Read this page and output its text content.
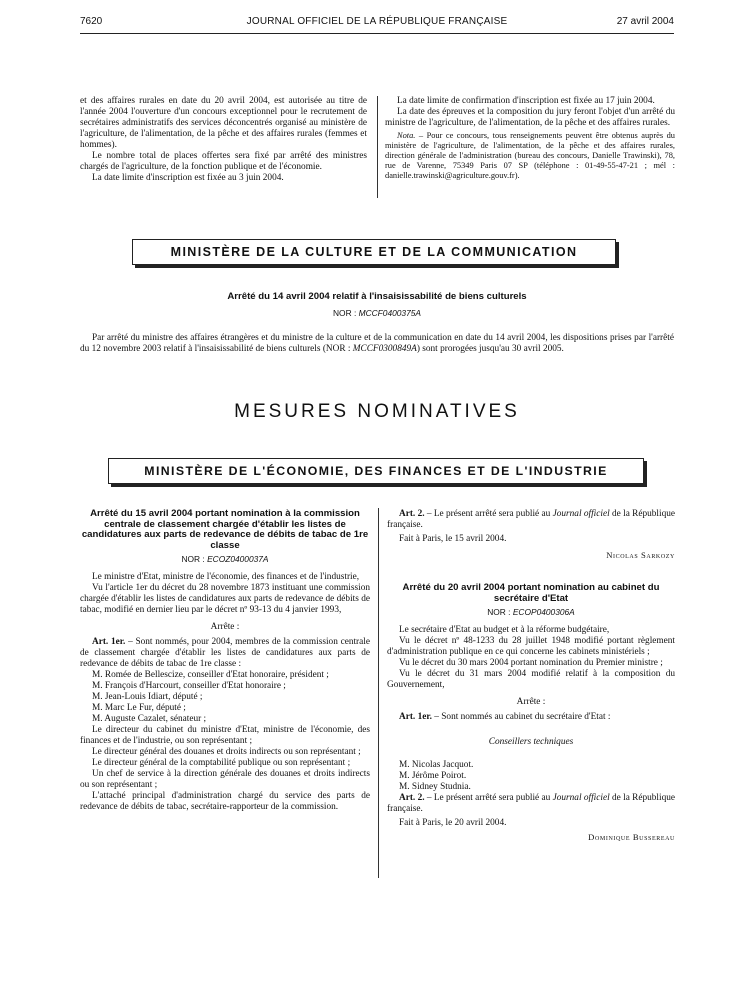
7620	JOURNAL OFFICIEL DE LA RÉPUBLIQUE FRANÇAISE	27 avril 2004

et des affaires rurales en date du 20 avril 2004, est autorisée au titre de l'année 2004 l'ouverture d'un concours exceptionnel pour le recrutement de secrétaires administratifs des services déconcentrés organisé au ministère de l'agriculture, de l'alimentation, de la pêche et des affaires rurales (femmes et hommes).

Le nombre total de places offertes sera fixé par arrêté des ministres chargés de l'agriculture, de la fonction publique et de l'économie.

La date limite d'inscription est fixée au 3 juin 2004.

La date limite de confirmation d'inscription est fixée au 17 juin 2004.

La date des épreuves et la composition du jury feront l'objet d'un arrêté du ministre de l'agriculture, de l'alimentation, de la pêche et des affaires rurales.

Nota. – Pour ce concours, tous renseignements peuvent être obtenus auprès du ministère de l'agriculture, de l'alimentation, de la pêche et des affaires rurales, direction générale de l'administration (bureau des concours, Danielle Trawinski), 78, rue de Varenne, 75349 Paris 07 SP (téléphone : 01-49-55-47-21 ; mél : danielle.trawinski@agriculture.gouv.fr).

MINISTÈRE DE LA CULTURE ET DE LA COMMUNICATION
Arrêté du 14 avril 2004 relatif à l'insaisissabilité de biens culturels
NOR : MCCF0400375A

Par arrêté du ministre des affaires étrangères et du ministre de la culture et de la communication en date du 14 avril 2004, les dispositions prises par l'arrêté du 12 novembre 2003 relatif à l'insaisissabilité de biens culturels (NOR : MCCF0300849A) sont prorogées jusqu'au 30 avril 2005.

MESURES NOMINATIVES
MINISTÈRE DE L'ÉCONOMIE, DES FINANCES ET DE L'INDUSTRIE
Arrêté du 15 avril 2004 portant nomination à la commission centrale de classement chargée d'établir les listes de candidatures aux parts de redevance de débits de tabac de 1re classe
NOR : ECOZ0400037A

Le ministre d'Etat, ministre de l'économie, des finances et de l'industrie,

Vu l'article 1er du décret du 28 novembre 1873 instituant une commission chargée d'établir les listes de candidatures aux parts de redevance de débits de tabac, modifié en dernier lieu par le décret nº 93-13 du 4 janvier 1993,

Arrête :

Art. 1er. – Sont nommés, pour 2004, membres de la commission centrale de classement chargée d'établir les listes de candidatures aux parts de redevance de débits de tabac de 1re classe :

M. Romée de Bellescize, conseiller d'Etat honoraire, président ;

M. François d'Harcourt, conseiller d'Etat honoraire ;

M. Jean-Louis Idiart, député ;

M. Marc Le Fur, député ;

M. Auguste Cazalet, sénateur ;

Le directeur du cabinet du ministre d'Etat, ministre de l'économie, des finances et de l'industrie, ou son représentant ;

Le directeur général des douanes et droits indirects ou son représentant ;

Le directeur général de la comptabilité publique ou son représentant ;

Un chef de service à la direction générale des douanes et droits indirects ou son représentant ;

L'attaché principal d'administration chargé du service des parts de redevance de débits de tabac, secrétaire-rapporteur de la commission.

Art. 2. – Le présent arrêté sera publié au Journal officiel de la République française.

Fait à Paris, le 15 avril 2004.

Nicolas Sarkozy
Arrêté du 20 avril 2004 portant nomination au cabinet du secrétaire d'Etat
NOR : ECOP0400306A

Le secrétaire d'Etat au budget et à la réforme budgétaire,

Vu le décret nº 48-1233 du 28 juillet 1948 modifié portant règlement d'administration publique en ce qui concerne les cabinets ministériels ;

Vu le décret du 30 mars 2004 portant nomination du Premier ministre ;

Vu le décret du 31 mars 2004 modifié relatif à la composition du Gouvernement,

Arrête :

Art. 1er. – Sont nommés au cabinet du secrétaire d'Etat :

Conseillers techniques

M. Nicolas Jacquot.

M. Jérôme Poirot.

M. Sidney Studnia.

Art. 2. – Le présent arrêté sera publié au Journal officiel de la République française.

Fait à Paris, le 20 avril 2004.

Dominique Bussereau
